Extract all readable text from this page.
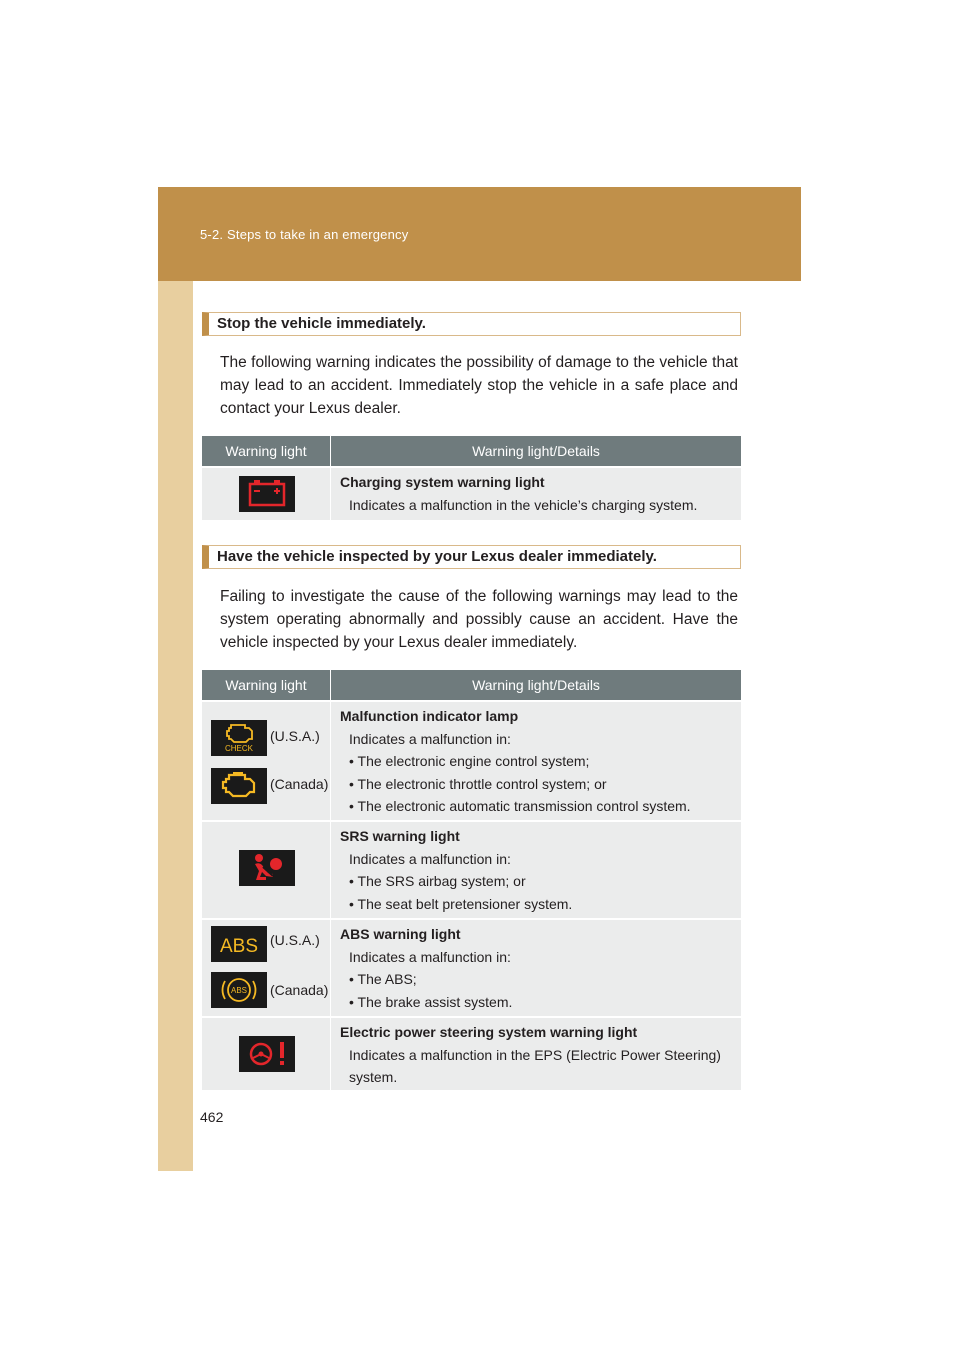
5-2. Steps to take in an emergency
462
Stop the vehicle immediately.
The following warning indicates the possibility of damage to the vehicle that may lead to an accident. Immediately stop the vehicle in a safe place and contact your Lexus dealer.
Warning light	Warning light/Details
Charging system warning light
Indicates a malfunction in the vehicle’s charging system.
Have the vehicle inspected by your Lexus dealer immediately.
Failing to investigate the cause of the following warnings may lead to the system operating abnormally and possibly cause an accident. Have the vehicle inspected by your Lexus dealer immediately.
Warning light	Warning light/Details
CHECK
(U.S.A.)
(Canada)
Malfunction indicator lamp
Indicates a malfunction in:
• The electronic engine control system;
• The electronic throttle control system; or
• The electronic automatic transmission control system.
SRS warning light
Indicates a malfunction in:
• The SRS airbag system; or
• The seat belt pretensioner system.
ABS (U.S.A.)
ABS (Canada)
ABS warning light
Indicates a malfunction in:
• The ABS;
• The brake assist system.
Electric power steering system warning light
Indicates a malfunction in the EPS (Electric Power Steering) system.
